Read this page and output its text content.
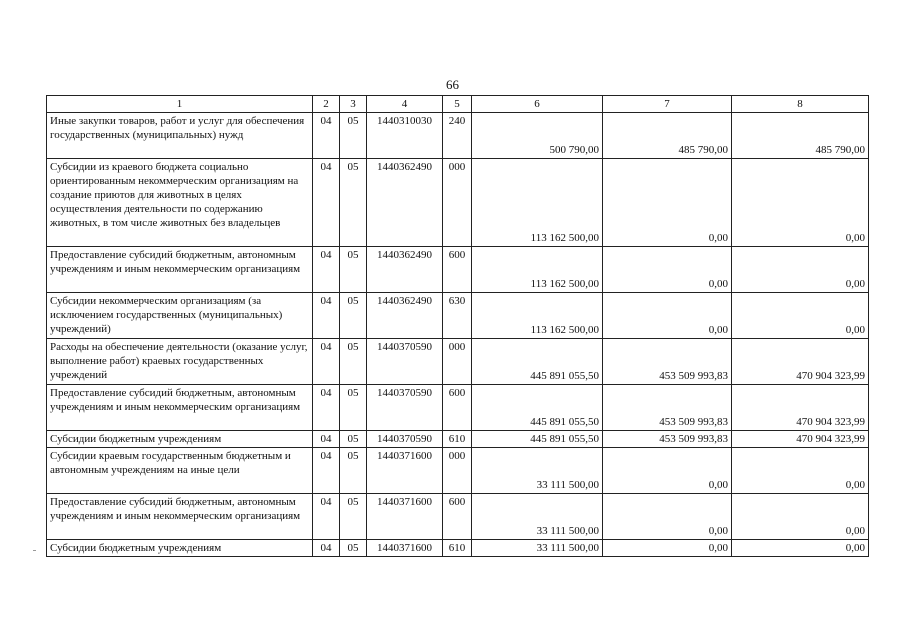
66
1	2	3	4	5	6	7	8
Иные закупки товаров, работ и услуг для обеспечения государственных (муниципальных) нужд	04	05	1440310030	240	500 790,00	485 790,00	485 790,00
Субсидии из краевого бюджета социально ориентированным некоммерческим организациям на создание приютов для животных в целях осуществления деятельности по содержанию животных, в том числе животных без владельцев	04	05	1440362490	000	113 162 500,00	0,00	0,00
Предоставление субсидий бюджетным, автономным учреждениям и иным некоммерческим организациям	04	05	1440362490	600	113 162 500,00	0,00	0,00
Субсидии некоммерческим организациям (за исключением государственных (муниципальных) учреждений)	04	05	1440362490	630	113 162 500,00	0,00	0,00
Расходы на обеспечение деятельности (оказание услуг, выполнение работ) краевых государственных учреждений	04	05	1440370590	000	445 891 055,50	453 509 993,83	470 904 323,99
Предоставление субсидий бюджетным, автономным учреждениям и иным некоммерческим организациям	04	05	1440370590	600	445 891 055,50	453 509 993,83	470 904 323,99
Субсидии бюджетным учреждениям	04	05	1440370590	610	445 891 055,50	453 509 993,83	470 904 323,99
Субсидии краевым государственным бюджетным и автономным учреждениям на иные цели	04	05	1440371600	000	33 111 500,00	0,00	0,00
Предоставление субсидий бюджетным, автономным учреждениям и иным некоммерческим организациям	04	05	1440371600	600	33 111 500,00	0,00	0,00
Субсидии бюджетным учреждениям	04	05	1440371600	610	33 111 500,00	0,00	0,00
